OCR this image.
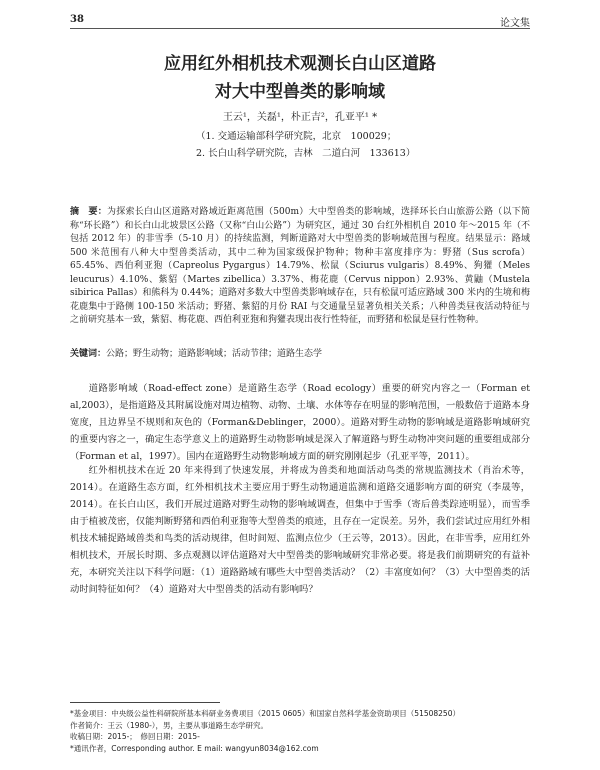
38	论文集
应用红外相机技术观测长白山区道路
对大中型兽类的影响域
王云¹，关磊¹，朴正吉²，孔亚平¹ *
（1. 交通运输部科学研究院，北京　100029；
2. 长白山科学研究院，吉林　二道白河　133613）
摘　要：为探索长白山区道路对路域近距离范围（500m）大中型兽类的影响域，选择环长白山旅游公路（以下简称“环长路”）和长白山北坡景区公路（又称“白山公路”）为研究区，通过 30 台红外相机自 2010 年～2015 年（不包括 2012 年）的非雪季（5-10 月）的持续监测，判断道路对大中型兽类的影响域范围与程度。结果显示：路域 500 米范围有八种大中型兽类活动，其中二种为国家级保护物种；物种丰富度排序为：野猪（Sus scrofa）65.45%、西伯利亚狍（Capreolus Pygargus）14.79%、松鼠（Sciurus vulgaris）8.49%、狗獾（Meles leucurus）4.10%、紫貂（Martes zibellica）3.37%、梅花鹿（Cervus nippon）2.93%、黄鼬（Mustela sibirica Pallas）和熊科为 0.44%；道路对多数大中型兽类影响域存在，只有松鼠可适应路域 300 米内的生境和梅花鹿集中于路侧 100-150 米活动；野猪、紫貂的月份 RAI 与交通量呈显著负相关关系；八种兽类昼夜活动特征与之前研究基本一致，紫貂、梅花鹿、西伯利亚狍和狗獾表现出夜行性特征，而野猪和松鼠是昼行性物种。
关键词：公路；野生动物；道路影响域；活动节律；道路生态学

道路影响域（Road-effect zone）是道路生态学（Road ecology）重要的研究内容之一（Forman et al,2003），是指道路及其附属设施对周边植物、动物、土壤、水体等存在明显的影响范围，一般数倍于道路本身宽度，且边界呈不规则和灰色的（Forman&Deblinger，2000）。道路对野生动物的影响域是道路影响域研究的重要内容之一，确定生态学意义上的道路野生动物影响域是深入了解道路与野生动物冲突问题的重要组成部分（Forman et al，1997）。国内在道路野生动物影响域方面的研究刚刚起步（孔亚平等，2011）。

红外相机技术在近 20 年来得到了快速发展，并将成为兽类和地面活动鸟类的常规监测技术（肖治术等，2014）。在道路生态方面，红外相机技术主要应用于野生动物通道监测和道路交通影响方面的研究（李晟等，2014）。在长白山区，我们开展过道路对野生动物的影响域调查，但集中于雪季（寄后兽类踪迹明显），而雪季由于植被茂密，仅能判断野猪和西伯利亚狍等大型兽类的痕迹，且存在一定误差。另外，我们尝试过应用红外相机技术辅捉路域兽类和鸟类的活动规律，但时间短、监测点位少（王云等，2013）。因此，在非雪季，应用红外相机技术，开展长时期、多点观测以评估道路对大中型兽类的影响域研究非常必要。将是我们前期研究的有益补充，本研究关注以下科学问题：（1）道路路域有哪些大中型兽类活动？（2）丰富度如何？（3）大中型兽类的活动时间特征如何？（4）道路对大中型兽类的活动有影响吗？

*基金项目：中央级公益性科研院所基本科研业务费项目（2015 0605）和国家自然科学基金资助项目（51508250）
作者简介：王云（1980-），男，主要从事道路生态学研究。
收稿日期：2015-；　修回日期：2015-
*通讯作者，Corresponding author. E mail: wangyun8034@162.com
